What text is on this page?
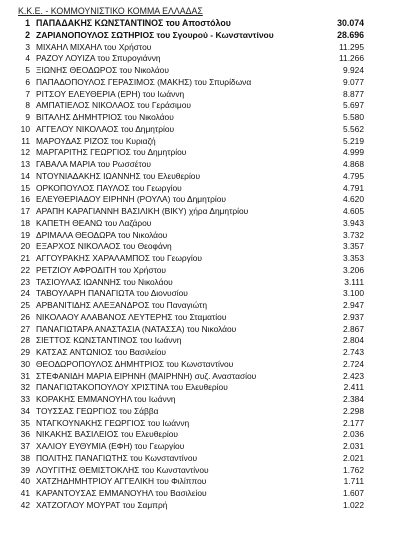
Κ.Κ.Ε. - ΚΟΜΜΟΥΝΙΣΤΙΚΟ ΚΟΜΜΑ ΕΛΛΑΔΑΣ
1 ΠΑΠΑΔΑΚΗΣ ΚΩΝΣΤΑΝΤΙΝΟΣ του Αποστόλου	30.074
2 ΖΑΡΙΑΝΟΠΟΥΛΟΣ ΣΩΤΗΡΙΟΣ του Σγουρού - Κωνσταντίνου	28.696
3 ΜΙΧΑΗΛ ΜΙΧΑΗΛ του Χρήστου	11.295
4 ΡΑΖΟΥ ΛΟΥΙΖΑ του Σπυρογιάννη	11.266
5 ΞΙΩΝΗΣ ΘΕΟΔΩΡΟΣ του Νικολάου	9.924
6 ΠΑΠΑΔΟΠΟΥΛΟΣ ΓΕΡΑΣΙΜΟΣ (ΜΑΚΗΣ) του Σπυρίδωνα	9.077
7 ΡΙΤΣΟΥ ΕΛΕΥΘΕΡΙΑ (ΕΡΗ) του Ιωάννη	8.877
8 ΑΜΠΑΤΙΕΛΟΣ ΝΙΚΟΛΑΟΣ του Γεράσιμου	5.697
9 ΒΙΤΑΛΗΣ ΔΗΜΗΤΡΙΟΣ του Νικολάου	5.580
10 ΑΓΓΕΛΟΥ ΝΙΚΟΛΑΟΣ του Δημητρίου	5.562
11 ΜΑΡΟΥΔΑΣ ΡΙΖΟΣ του Κυριαζή	5.219
12 ΜΑΡΓΑΡΙΤΗΣ ΓΕΩΡΓΙΟΣ του Δημητρίου	4.999
13 ΓΑΒΑΛΑ ΜΑΡΙΑ του Ρωσσέτου	4.868
14 ΝΤΟΥΝΙΑΔΑΚΗΣ ΙΩΑΝΝΗΣ του Ελευθερίου	4.795
15 ΟΡΚΟΠΟΥΛΟΣ ΠΑΥΛΟΣ του Γεωργίου	4.791
16 ΕΛΕΥΘΕΡΙΑΔΟΥ ΕΙΡΗΝΗ (ΡΟΥΛΑ) του Δημητρίου	4.620
17 ΑΡΑΠΗ ΚΑΡΑΓΙΑΝΝΗ ΒΑΣΙΛΙΚΗ (ΒΙΚΥ) χήρα Δημητρίου	4.605
18 ΚΑΠΕΤΗ ΘΕΑΝΩ του Λαζάρου	3.943
19 ΔΡΙΜΑΛΑ ΘΕΟΔΩΡΑ του Νικολάου	3.732
20 ΕΞΑΡΧΟΣ ΝΙΚΟΛΑΟΣ του Θεοφάνη	3.357
21 ΑΓΓΟΥΡΑΚΗΣ ΧΑΡΑΛΑΜΠΟΣ του Γεωργίου	3.353
22 ΡΕΤΖΙΟΥ ΑΦΡΟΔΙΤΗ του Χρήστου	3.206
23 ΤΑΣΙΟΥΛΑΣ ΙΩΑΝΝΗΣ του Νικολάου	3.111
24 ΤΑΒΟΥΛΑΡΗ ΠΑΝΑΓΙΩΤΑ του Διονυσίου	3.100
25 ΑΡΒΑΝΙΤΙΔΗΣ ΑΛΕΞΑΝΔΡΟΣ του Παναγιώτη	2.947
26 ΝΙΚΟΛΑΟΥ ΑΛΑΒΑΝΟΣ ΛΕΥΤΕΡΗΣ του Σταματίου	2.937
27 ΠΑΝΑΓΙΩΤΑΡΑ ΑΝΑΣΤΑΣΙΑ (ΝΑΤΑΣΣΑ) του Νικολάου	2.867
28 ΣΙΕΤΤΟΣ ΚΩΝΣΤΑΝΤΙΝΟΣ του Ιωάννη	2.804
29 ΚΑΤΣΑΣ ΑΝΤΩΝΙΟΣ του Βασιλείου	2.743
30 ΘΕΟΔΩΡΟΠΟΥΛΟΣ ΔΗΜΗΤΡΙΟΣ του Κωνσταντίνου	2.724
31 ΣΤΕΦΑΝΙΔΗ ΜΑΡΙΑ ΕΙΡΗΝΗ (ΜΑΙΡΗΝΗ) συζ. Αναστασίου	2.423
32 ΠΑΝΑΓΙΩΤΑΚΟΠΟΥΛΟΥ ΧΡΙΣΤΙΝΑ του Ελευθερίου	2.411
33 ΚΟΡΑΚΗΣ ΕΜΜΑΝΟΥΗΛ του Ιωάννη	2.384
34 ΤΟΥΣΣΑΣ ΓΕΩΡΓΙΟΣ του Σάββα	2.298
35 ΝΤΑΓΚΟΥΝΑΚΗΣ ΓΕΩΡΓΙΟΣ του Ιωάννη	2.177
36 ΝΙΚΑΚΗΣ ΒΑΣΙΛΕΙΟΣ του Ελευθερίου	2.036
37 ΧΑΛΙΟΥ ΕΥΘΥΜΙΑ (ΕΦΗ) του Γεωργίου	2.031
38 ΠΟΛΙΤΗΣ ΠΑΝΑΓΙΩΤΗΣ του Κωνσταντίνου	2.021
39 ΛΟΥΓΙΤΗΣ ΘΕΜΙΣΤΟΚΛΗΣ του Κωνσταντίνου	1.762
40 ΧΑΤΖΗΔΗΜΗΤΡΙΟΥ ΑΓΓΕΛΙΚΗ του Φιλίππου	1.711
41 ΚΑΡΑΝΤΟΥΣΑΣ ΕΜΜΑΝΟΥΗΛ του Βασιλείου	1.607
42 ΧΑΤΖΟΓΛΟΥ ΜΟΥΡΑΤ του Σαμπρή	1.022
